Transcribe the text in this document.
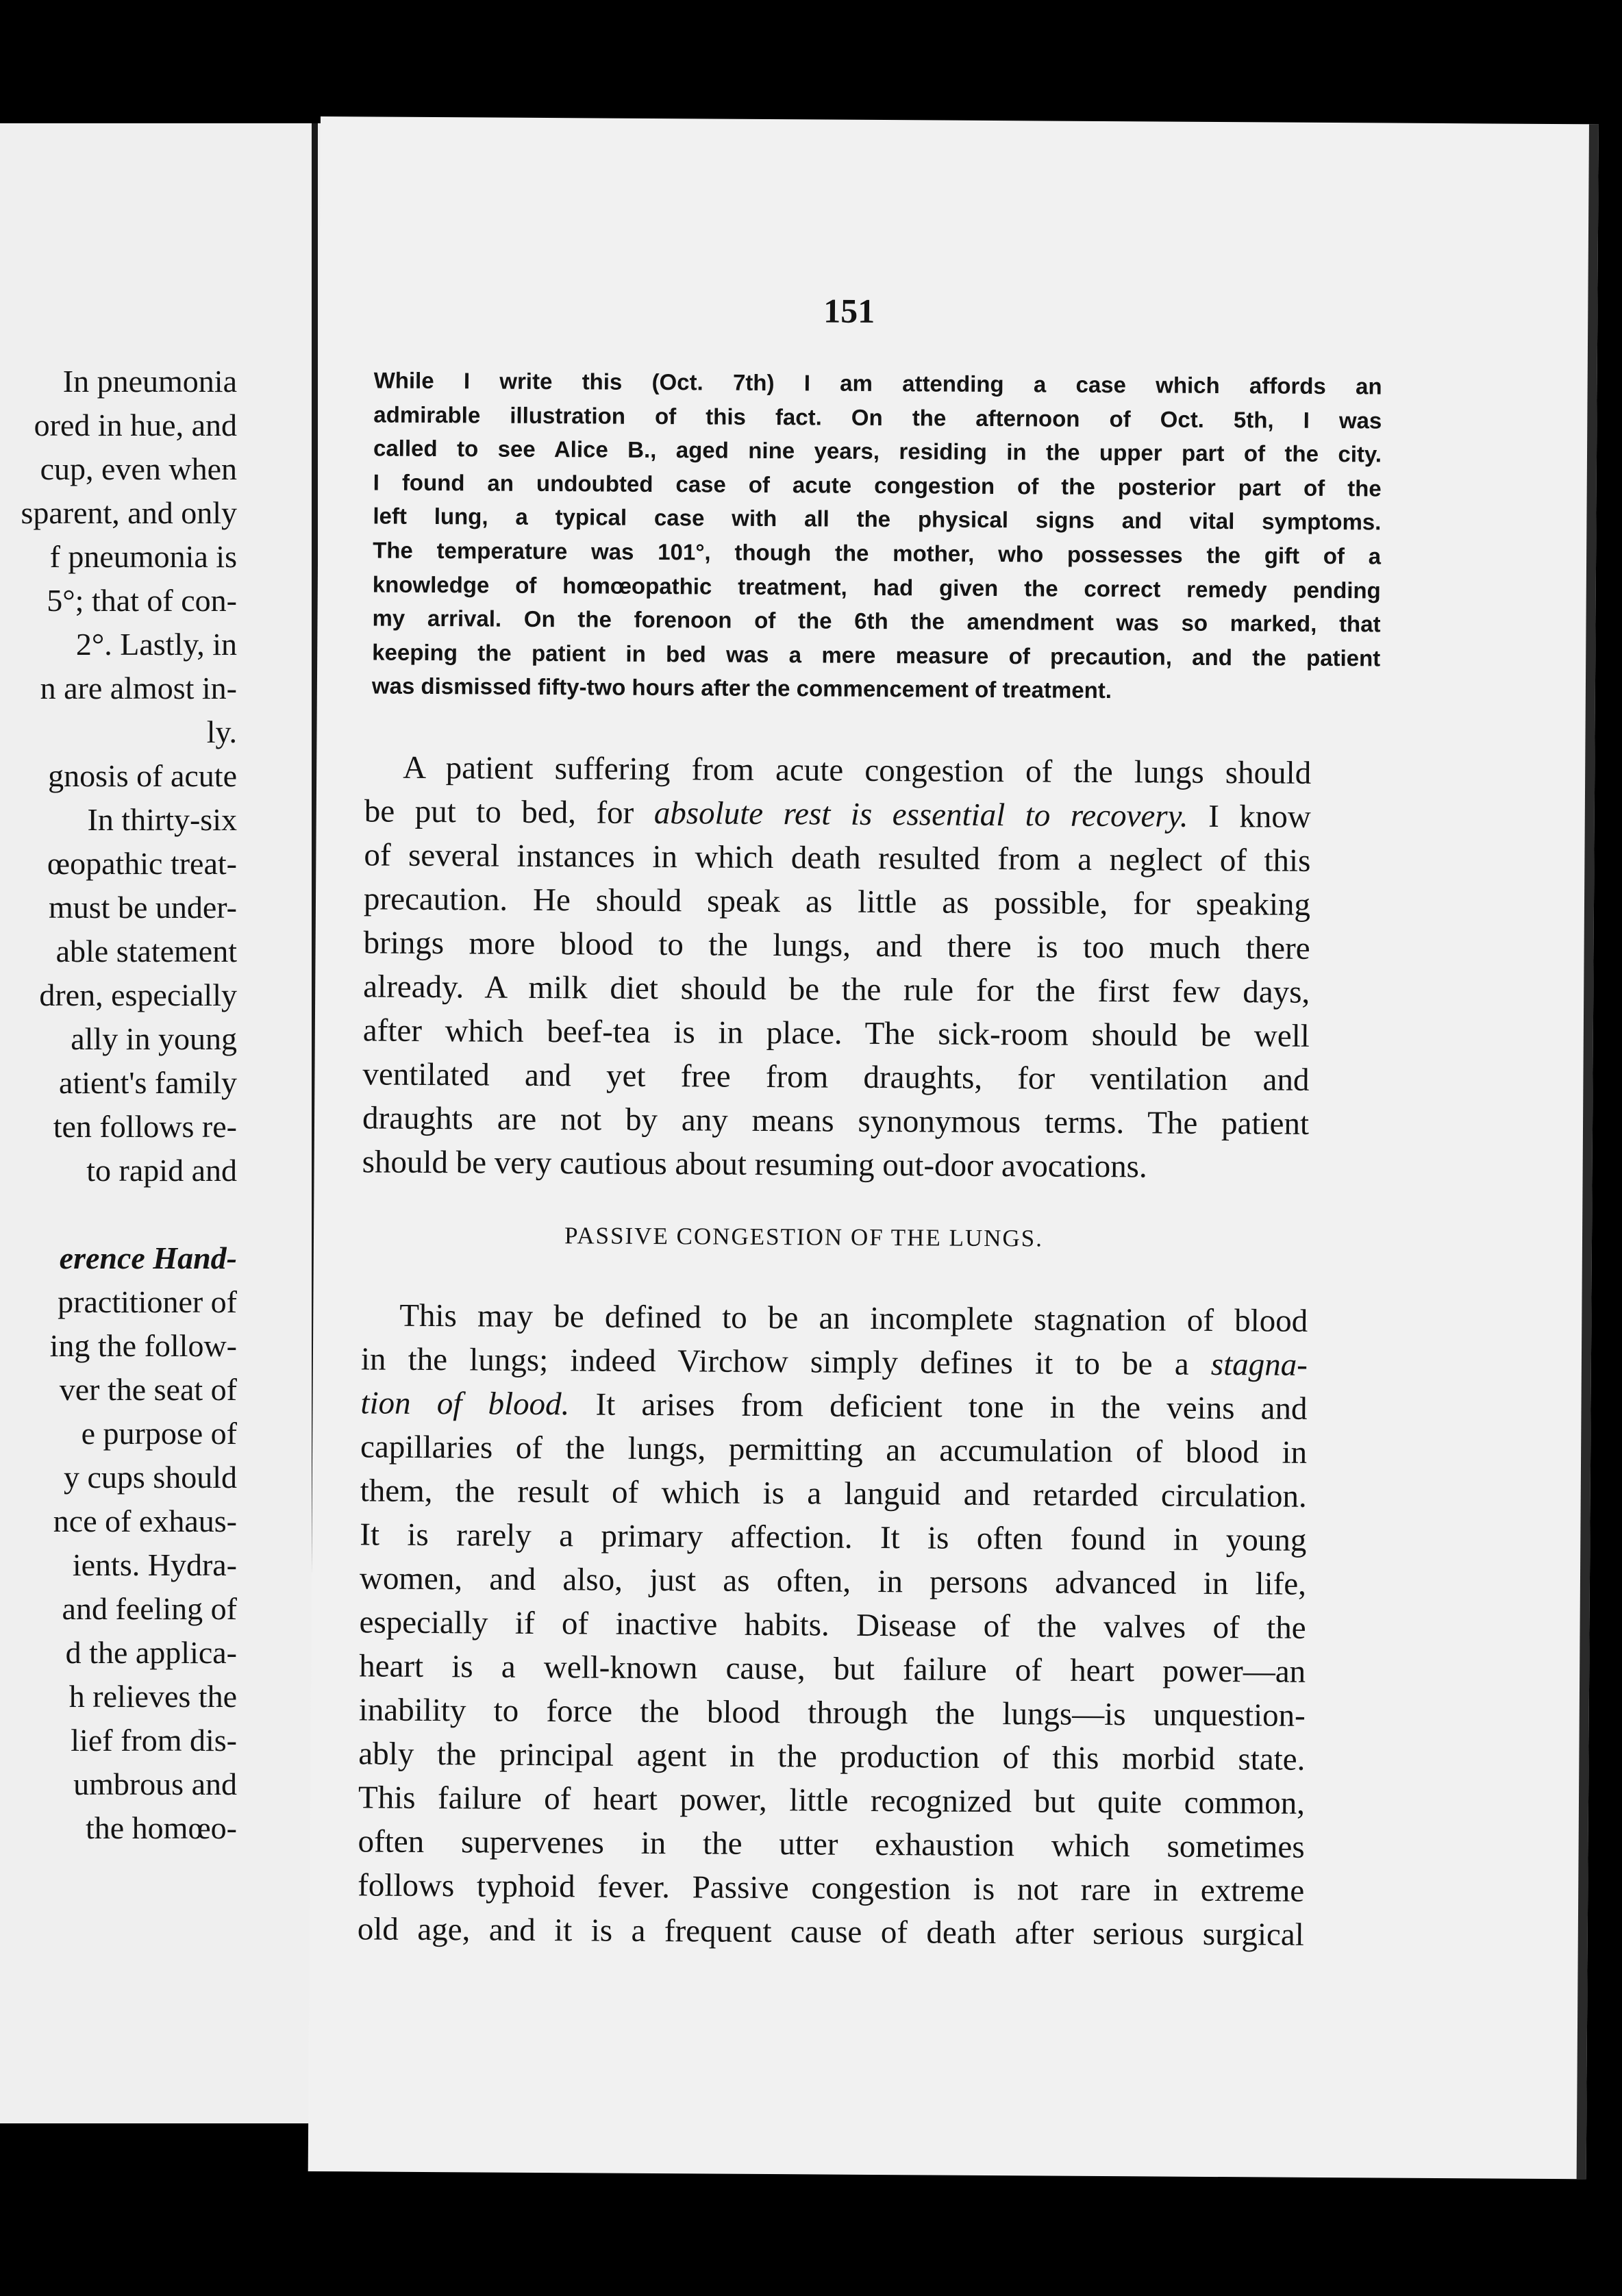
In pneumonia
ored in hue, and
cup, even when
sparent, and only
f pneumonia is
5°; that of con-
2°. Lastly, in
n are almost in-
ly.
gnosis of acute
In thirty-six
œopathic treat-
must be under-
able statement
dren, especially
ally in young
atient's family
ten follows re-
to rapid and
erence Hand-
practitioner of
ing the follow-
ver the seat of
e purpose of
y cups should
nce of exhaus-
ients. Hydra-
and feeling of
d the applica-
h relieves the
lief from dis-
umbrous and
the homœo-
151
While I write this (Oct. 7th) I am attending a case which affords an
admirable illustration of this fact. On the afternoon of Oct. 5th, I was
called to see Alice B., aged nine years, residing in the upper part of the city.
I found an undoubted case of acute congestion of the posterior part of the
left lung, a typical case with all the physical signs and vital symptoms.
The temperature was 101°, though the mother, who possesses the gift of a
knowledge of homœopathic treatment, had given the correct remedy pending
my arrival. On the forenoon of the 6th the amendment was so marked, that
keeping the patient in bed was a mere measure of precaution, and the patient
was dismissed fifty-two hours after the commencement of treatment.
A patient suffering from acute congestion of the lungs should
be put to bed, for absolute rest is essential to recovery. I know
of several instances in which death resulted from a neglect of this
precaution. He should speak as little as possible, for speaking
brings more blood to the lungs, and there is too much there
already. A milk diet should be the rule for the first few days,
after which beef-tea is in place. The sick-room should be well
ventilated and yet free from draughts, for ventilation and
draughts are not by any means synonymous terms. The patient
should be very cautious about resuming out-door avocations.
PASSIVE CONGESTION OF THE LUNGS.
This may be defined to be an incomplete stagnation of blood
in the lungs; indeed Virchow simply defines it to be a stagna-
tion of blood. It arises from deficient tone in the veins and
capillaries of the lungs, permitting an accumulation of blood in
them, the result of which is a languid and retarded circulation.
It is rarely a primary affection. It is often found in young
women, and also, just as often, in persons advanced in life,
especially if of inactive habits. Disease of the valves of the
heart is a well-known cause, but failure of heart power—an
inability to force the blood through the lungs—is unquestion-
ably the principal agent in the production of this morbid state.
This failure of heart power, little recognized but quite common,
often supervenes in the utter exhaustion which sometimes
follows typhoid fever. Passive congestion is not rare in extreme
old age, and it is a frequent cause of death after serious surgical
